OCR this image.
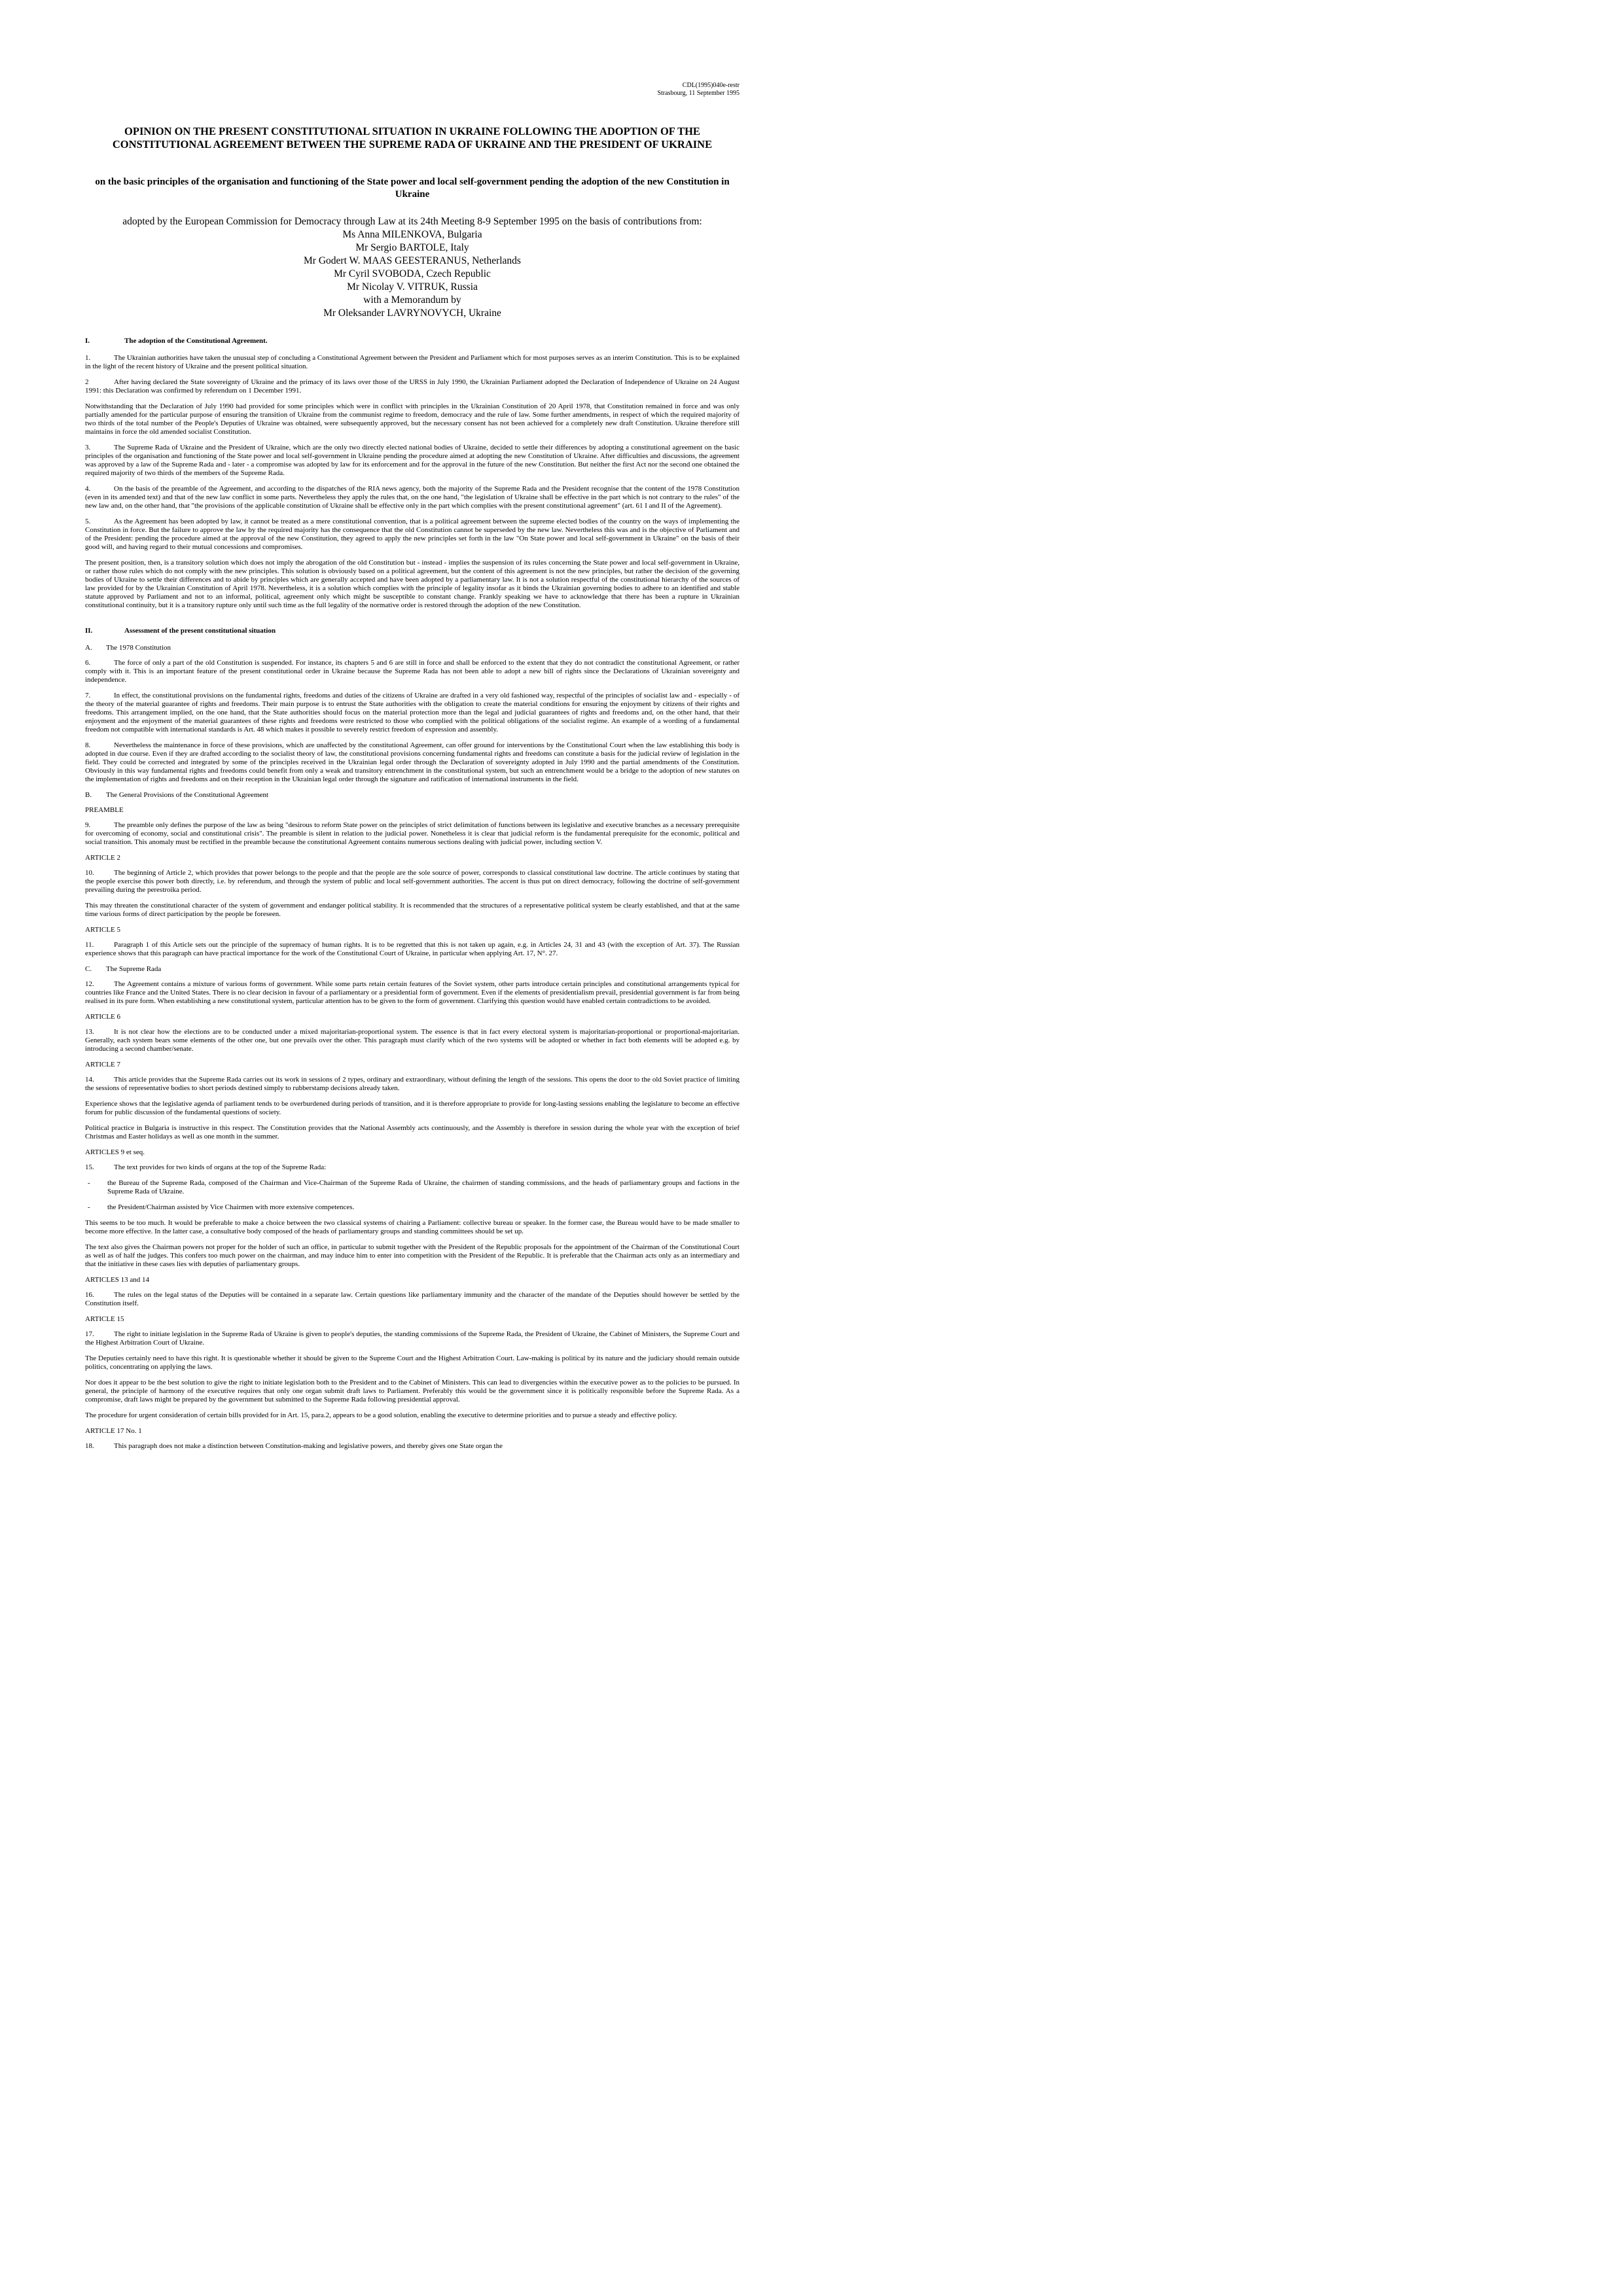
CDL(1995)040e-restr
Strasbourg, 11 September 1995
OPINION ON THE PRESENT CONSTITUTIONAL SITUATION IN UKRAINE FOLLOWING THE ADOPTION OF THE CONSTITUTIONAL AGREEMENT BETWEEN THE SUPREME RADA OF UKRAINE AND THE PRESIDENT OF UKRAINE
on the basic principles of the organisation and functioning of the State power and local self-government pending the adoption of the new Constitution in Ukraine

adopted by the European Commission for Democracy through Law at its 24th Meeting 8-9 September 1995 on the basis of contributions from:

Ms Anna MILENKOVA, Bulgaria

Mr Sergio BARTOLE, Italy

Mr Godert W. MAAS GEESTERANUS, Netherlands

Mr Cyril SVOBODA, Czech Republic

Mr Nicolay V. VITRUK, Russia

with a Memorandum by

Mr Oleksander LAVRYNOVYCH, Ukraine

I.	The adoption of the Constitutional Agreement.

1.	The Ukrainian authorities have taken the unusual step of concluding a Constitutional Agreement between the President and Parliament which for most purposes serves as an interim Constitution. This is to be explained in the light of the recent history of Ukraine and the present political situation.

2	After having declared the State sovereignty of Ukraine and the primacy of its laws over those of the URSS in July 1990, the Ukrainian Parliament adopted the Declaration of Independence of Ukraine on 24 August 1991: this Declaration was confirmed by referendum on 1 December 1991.

Notwithstanding that the Declaration of July 1990 had provided for some principles which were in conflict with principles in the Ukrainian Constitution of 20 April 1978, that Constitution remained in force and was only partially amended for the particular purpose of ensuring the transition of Ukraine from the communist regime to freedom, democracy and the rule of law. Some further amendments, in respect of which the required majority of two thirds of the total number of the People's Deputies of Ukraine was obtained, were subsequently approved, but the necessary consent has not been achieved for a completely new draft Constitution. Ukraine therefore still maintains in force the old amended socialist Constitution.

3.	The Supreme Rada of Ukraine and the President of Ukraine, which are the only two directly elected national bodies of Ukraine, decided to settle their differences by adopting a constitutional agreement on the basic principles of the organisation and functioning of the State power and local self-government in Ukraine pending the procedure aimed at adopting the new Constitution of Ukraine. After difficulties and discussions, the agreement was approved by a law of the Supreme Rada and - later - a compromise was adopted by law for its enforcement and for the approval in the future of the new Constitution. But neither the first Act nor the second one obtained the required majority of two thirds of the members of the Supreme Rada.

4.	On the basis of the preamble of the Agreement, and according to the dispatches of the RIA news agency, both the majority of the Supreme Rada and the President recognise that the content of the 1978 Constitution (even in its amended text) and that of the new law conflict in some parts. Nevertheless they apply the rules that, on the one hand, "the legislation of Ukraine shall be effective in the part which is not contrary to the rules" of the new law and, on the other hand, that "the provisions of the applicable constitution of Ukraine shall be effective only in the part which complies with the present constitutional agreement" (art. 61 I and II of the Agreement).

5.	As the Agreement has been adopted by law, it cannot be treated as a mere constitutional convention, that is a political agreement between the supreme elected bodies of the country on the ways of implementing the Constitution in force. But the failure to approve the law by the required majority has the consequence that the old Constitution cannot be superseded by the new law. Nevertheless this was and is the objective of Parliament and of the President: pending the procedure aimed at the approval of the new Constitution, they agreed to apply the new principles set forth in the law "On State power and local self-government in Ukraine" on the basis of their good will, and having regard to their mutual concessions and compromises.

The present position, then, is a transitory solution which does not imply the abrogation of the old Constitution but - instead - implies the suspension of its rules concerning the State power and local self-government in Ukraine, or rather those rules which do not comply with the new principles. This solution is obviously based on a political agreement, but the content of this agreement is not the new principles, but rather the decision of the governing bodies of Ukraine to settle their differences and to abide by principles which are generally accepted and have been adopted by a parliamentary law. It is not a solution respectful of the constitutional hierarchy of the sources of law provided for by the Ukrainian Constitution of April 1978. Nevertheless, it is a solution which complies with the principle of legality insofar as it binds the Ukrainian governing bodies to adhere to an identified and stable statute approved by Parliament and not to an informal, political, agreement only which might be susceptible to constant change. Frankly speaking we have to acknowledge that there has been a rupture in Ukrainian constitutional continuity, but it is a transitory rupture only until such time as the full legality of the normative order is restored through the adoption of the new Constitution.

II.	Assessment of the present constitutional situation
A.	The 1978 Constitution

6.	The force of only a part of the old Constitution is suspended. For instance, its chapters 5 and 6 are still in force and shall be enforced to the extent that they do not contradict the constitutional Agreement, or rather comply with it. This is an important feature of the present constitutional order in Ukraine because the Supreme Rada has not been able to adopt a new bill of rights since the Declarations of Ukrainian sovereignty and independence.

7.	In effect, the constitutional provisions on the fundamental rights, freedoms and duties of the citizens of Ukraine are drafted in a very old fashioned way, respectful of the principles of socialist law and - especially - of the theory of the material guarantee of rights and freedoms. Their main purpose is to entrust the State authorities with the obligation to create the material conditions for ensuring the enjoyment by citizens of their rights and freedoms. This arrangement implied, on the one hand, that the State authorities should focus on the material protection more than the legal and judicial guarantees of rights and freedoms and, on the other hand, that their enjoyment and the enjoyment of the material guarantees of these rights and freedoms were restricted to those who complied with the political obligations of the socialist regime. An example of a wording of a fundamental freedom not compatible with international standards is Art. 48 which makes it possible to severely restrict freedom of expression and assembly.

8.	Nevertheless the maintenance in force of these provisions, which are unaffected by the constitutional Agreement, can offer ground for interventions by the Constitutional Court when the law establishing this body is adopted in due course. Even if they are drafted according to the socialist theory of law, the constitutional provisions concerning fundamental rights and freedoms can constitute a basis for the judicial review of legislation in the field. They could be corrected and integrated by some of the principles received in the Ukrainian legal order through the Declaration of sovereignty adopted in July 1990 and the partial amendments of the Constitution. Obviously in this way fundamental rights and freedoms could benefit from only a weak and transitory entrenchment in the constitutional system, but such an entrenchment would be a bridge to the adoption of new statutes on the implementation of rights and freedoms and on their reception in the Ukrainian legal order through the signature and ratification of international instruments in the field.

B.	The General Provisions of the Constitutional Agreement
PREAMBLE

9.	The preamble only defines the purpose of the law as being "desirous to reform State power on the principles of strict delimitation of functions between its legislative and executive branches as a necessary prerequisite for overcoming of economy, social and constitutional crisis". The preamble is silent in relation to the judicial power. Nonetheless it is clear that judicial reform is the fundamental prerequisite for the economic, political and social transition. This anomaly must be rectified in the preamble because the constitutional Agreement contains numerous sections dealing with judicial power, including section V.

ARTICLE 2

10.	The beginning of Article 2, which provides that power belongs to the people and that the people are the sole source of power, corresponds to classical constitutional law doctrine. The article continues by stating that the people exercise this power both directly, i.e. by referendum, and through the system of public and local self-government authorities. The accent is thus put on direct democracy, following the doctrine of self-government prevailing during the perestroika period.

This may threaten the constitutional character of the system of government and endanger political stability. It is recommended that the structures of a representative political system be clearly established, and that at the same time various forms of direct participation by the people be foreseen.

ARTICLE 5

11.	Paragraph 1 of this Article sets out the principle of the supremacy of human rights. It is to be regretted that this is not taken up again, e.g. in Articles 24, 31 and 43 (with the exception of Art. 37). The Russian experience shows that this paragraph can have practical importance for the work of the Constitutional Court of Ukraine, in particular when applying Art. 17, N°. 27.

C.	The Supreme Rada

12.	The Agreement contains a mixture of various forms of government. While some parts retain certain features of the Soviet system, other parts introduce certain principles and constitutional arrangements typical for countries like France and the United States. There is no clear decision in favour of a parliamentary or a presidential form of government. Even if the elements of presidentialism prevail, presidential government is far from being realised in its pure form. When establishing a new constitutional system, particular attention has to be given to the form of government. Clarifying this question would have enabled certain contradictions to be avoided.

ARTICLE 6

13.	It is not clear how the elections are to be conducted under a mixed majoritarian-proportional system. The essence is that in fact every electoral system is majoritarian-proportional or proportional-majoritarian. Generally, each system bears some elements of the other one, but one prevails over the other. This paragraph must clarify which of the two systems will be adopted or whether in fact both elements will be adopted e.g. by introducing a second chamber/senate.

ARTICLE 7

14.	This article provides that the Supreme Rada carries out its work in sessions of 2 types, ordinary and extraordinary, without defining the length of the sessions. This opens the door to the old Soviet practice of limiting the sessions of representative bodies to short periods destined simply to rubberstamp decisions already taken.

Experience shows that the legislative agenda of parliament tends to be overburdened during periods of transition, and it is therefore appropriate to provide for long-lasting sessions enabling the legislature to become an effective forum for public discussion of the fundamental questions of society.

Political practice in Bulgaria is instructive in this respect. The Constitution provides that the National Assembly acts continuously, and the Assembly is therefore in session during the whole year with the exception of brief Christmas and Easter holidays as well as one month in the summer.

ARTICLES 9 et seq.

15.	The text provides for two kinds of organs at the top of the Supreme Rada:

-	the Bureau of the Supreme Rada, composed of the Chairman and Vice-Chairman of the Supreme Rada of Ukraine, the chairmen of standing commissions, and the heads of parliamentary groups and factions in the Supreme Rada of Ukraine.
-	the President/Chairman assisted by Vice Chairmen with more extensive competences.

This seems to be too much. It would be preferable to make a choice between the two classical systems of chairing a Parliament: collective bureau or speaker. In the former case, the Bureau would have to be made smaller to become more effective. In the latter case, a consultative body composed of the heads of parliamentary groups and standing committees should be set up.

The text also gives the Chairman powers not proper for the holder of such an office, in particular to submit together with the President of the Republic proposals for the appointment of the Chairman of the Constitutional Court as well as of half the judges. This confers too much power on the chairman, and may induce him to enter into competition with the President of the Republic. It is preferable that the Chairman acts only as an intermediary and that the initiative in these cases lies with deputies of parliamentary groups.

ARTICLES 13 and 14

16.	The rules on the legal status of the Deputies will be contained in a separate law. Certain questions like parliamentary immunity and the character of the mandate of the Deputies should however be settled by the Constitution itself.

ARTICLE 15

17.	The right to initiate legislation in the Supreme Rada of Ukraine is given to people's deputies, the standing commissions of the Supreme Rada, the President of Ukraine, the Cabinet of Ministers, the Supreme Court and the Highest Arbitration Court of Ukraine.

The Deputies certainly need to have this right. It is questionable whether it should be given to the Supreme Court and the Highest Arbitration Court. Law-making is political by its nature and the judiciary should remain outside politics, concentrating on applying the laws.

Nor does it appear to be the best solution to give the right to initiate legislation both to the President and to the Cabinet of Ministers. This can lead to divergencies within the executive power as to the policies to be pursued. In general, the principle of harmony of the executive requires that only one organ submit draft laws to Parliament. Preferably this would be the government since it is politically responsible before the Supreme Rada. As a compromise, draft laws might be prepared by the government but submitted to the Supreme Rada following presidential approval.

The procedure for urgent consideration of certain bills provided for in Art. 15, para.2, appears to be a good solution, enabling the executive to determine priorities and to pursue a steady and effective policy.

ARTICLE 17 No. 1

18.	This paragraph does not make a distinction between Constitution-making and legislative powers, and thereby gives one State organ the
